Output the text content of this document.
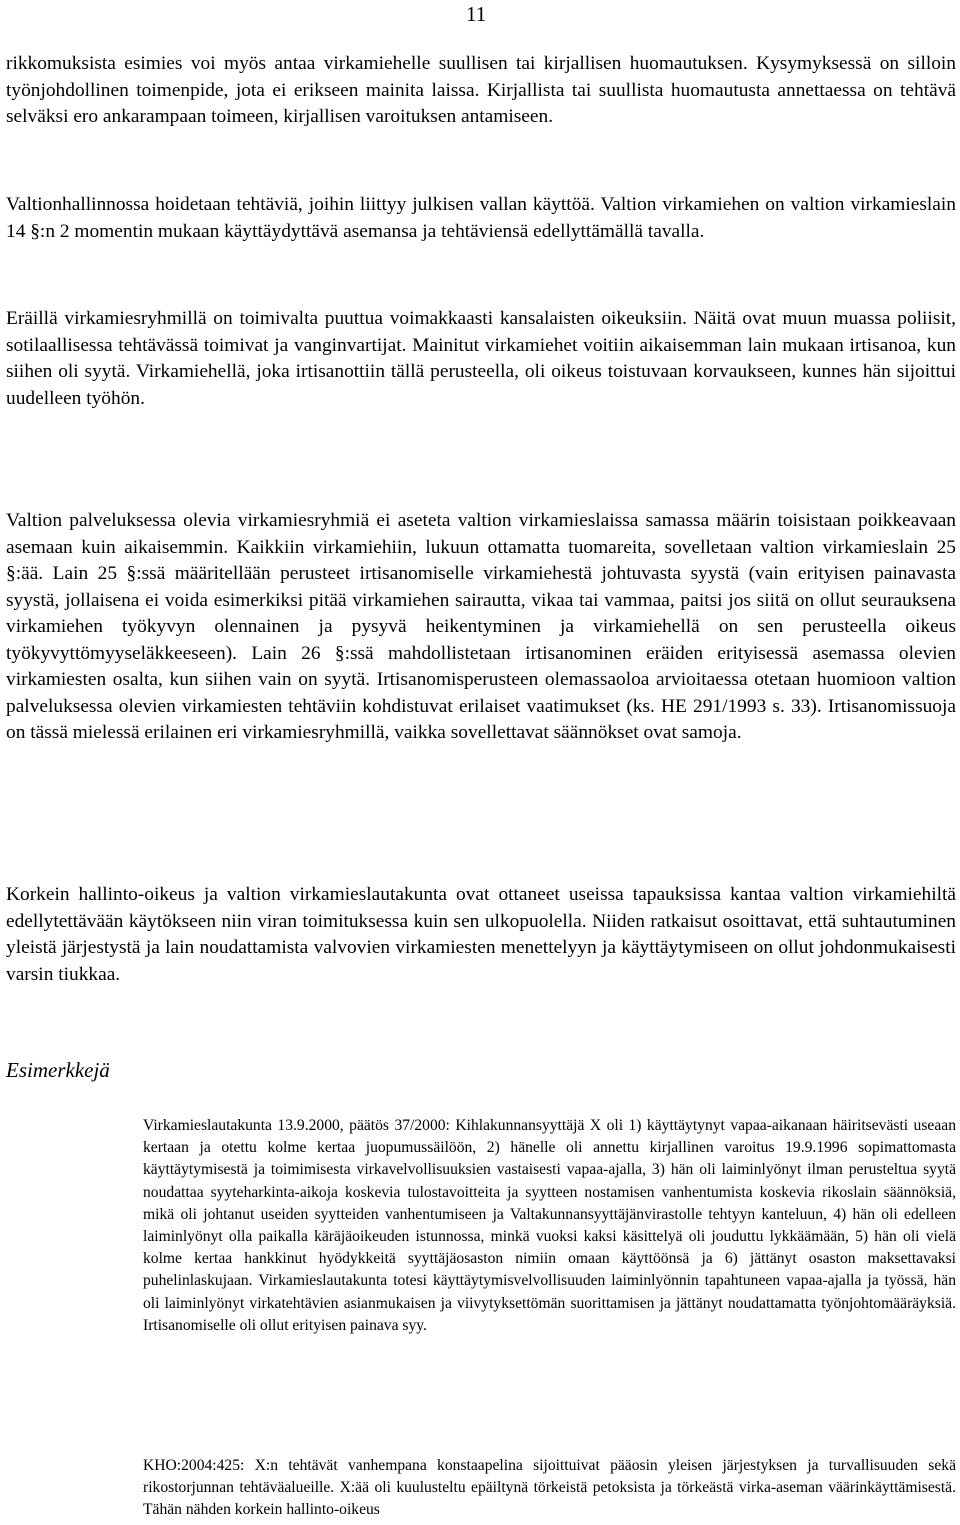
11

rikkomuksista esimies voi myös antaa virkamiehelle suullisen tai kirjallisen huomautuksen. Kysymyksessä on silloin työnjohdollinen toimenpide, jota ei erikseen mainita laissa. Kirjallista tai suullista huomautusta annettaessa on tehtävä selväksi ero ankarampaan toimeen, kirjallisen varoituksen antamiseen.

Valtionhallinnossa hoidetaan tehtäviä, joihin liittyy julkisen vallan käyttöä. Valtion virkamiehen on valtion virkamieslain 14 §:n 2 momentin mukaan käyttäydyttävä asemansa ja tehtäviensä edellyttämällä tavalla.

Eräillä virkamiesryhmillä on toimivalta puuttua voimakkaasti kansalaisten oikeuksiin. Näitä ovat muun muassa poliisit, sotilaallisessa tehtävässä toimivat ja vanginvartijat. Mainitut virkamiehet voitiin aikaisemman lain mukaan irtisanoa, kun siihen oli syytä. Virkamiehellä, joka irtisanottiin tällä perusteella, oli oikeus toistuvaan korvaukseen, kunnes hän sijoittui uudelleen työhön.

Valtion palveluksessa olevia virkamiesryhmiä ei aseteta valtion virkamieslaissa samassa määrin toisistaan poikkeavaan asemaan kuin aikaisemmin. Kaikkiin virkamiehiin, lukuun ottamatta tuomareita, sovelletaan valtion virkamieslain 25 §:ää. Lain 25 §:ssä määritellään perusteet irtisanomiselle virkamiehestä johtuvasta syystä (vain erityisen painavasta syystä, jollaisena ei voida esimerkiksi pitää virkamiehen sairautta, vikaa tai vammaa, paitsi jos siitä on ollut seurauksena virkamiehen työkyvyn olennainen ja pysyvä heikentyminen ja virkamiehellä on sen perusteella oikeus työkyvyttömyyseläkkeeseen). Lain 26 §:ssä mahdollistetaan irtisanominen eräiden erityisessä asemassa olevien virkamiesten osalta, kun siihen vain on syytä. Irtisanomisperusteen olemassaoloa arvioitaessa otetaan huomioon valtion palveluksessa olevien virkamiesten tehtäviin kohdistuvat erilaiset vaatimukset (ks. HE 291/1993 s. 33). Irtisanomissuoja on tässä mielessä erilainen eri virkamiesryhmillä, vaikka sovellettavat säännökset ovat samoja.

Korkein hallinto-oikeus ja valtion virkamieslautakunta ovat ottaneet useissa tapauksissa kantaa valtion virkamiehiltä edellytettävään käytökseen niin viran toimituksessa kuin sen ulkopuolella. Niiden ratkaisut osoittavat, että suhtautuminen yleistä järjestystä ja lain noudattamista valvovien virkamiesten menettelyyn ja käyttäytymiseen on ollut johdonmukaisesti varsin tiukkaa.

Esimerkkejä

Virkamieslautakunta 13.9.2000, päätös 37/2000: Kihlakunnansyyttäjä X oli 1) käyttäytynyt vapaa-aikanaan häiritsevästi useaan kertaan ja otettu kolme kertaa juopumussäilöön, 2) hänelle oli annettu kirjallinen varoitus 19.9.1996 sopimattomasta käyttäytymisestä ja toimimisesta virkavelvollisuuksien vastaisesti vapaa-ajalla, 3) hän oli laiminlyönyt ilman perusteltua syytä noudattaa syyteharkinta-aikoja koskevia tulostavoitteita ja syytteen nostamisen vanhentumista koskevia rikoslain säännöksiä, mikä oli johtanut useiden syytteiden vanhentumiseen ja Valtakunnansyyttäjänvirastolle tehtyyn kanteluun, 4) hän oli edelleen laiminlyönyt olla paikalla käräjäoikeuden istunnossa, minkä vuoksi kaksi käsittelyä oli jouduttu lykkäämään, 5) hän oli vielä kolme kertaa hankkinut hyödykkeitä syyttäjäosaston nimiin omaan käyttöönsä ja 6) jättänyt osaston maksettavaksi puhelinlaskujaan. Virkamieslautakunta totesi käyttäytymisvelvollisuuden laiminlyönnin tapahtuneen vapaa-ajalla ja työssä, hän oli laiminlyönyt virkatehtävien asianmukaisen ja viivytyksettömän suorittamisen ja jättänyt noudattamatta työnjohtomääräyksiä. Irtisanomiselle oli ollut erityisen painava syy.

KHO:2004:425: X:n tehtävät vanhempana konstaapelina sijoittuivat pääosin yleisen järjestyksen ja turvallisuuden sekä rikostorjunnan tehtäväalueille. X:ää oli kuulusteltu epäiltynä törkeistä petoksista ja törkeästä virka-aseman väärinkäyttämisestä. Tähän nähden korkein hallinto-oikeus
